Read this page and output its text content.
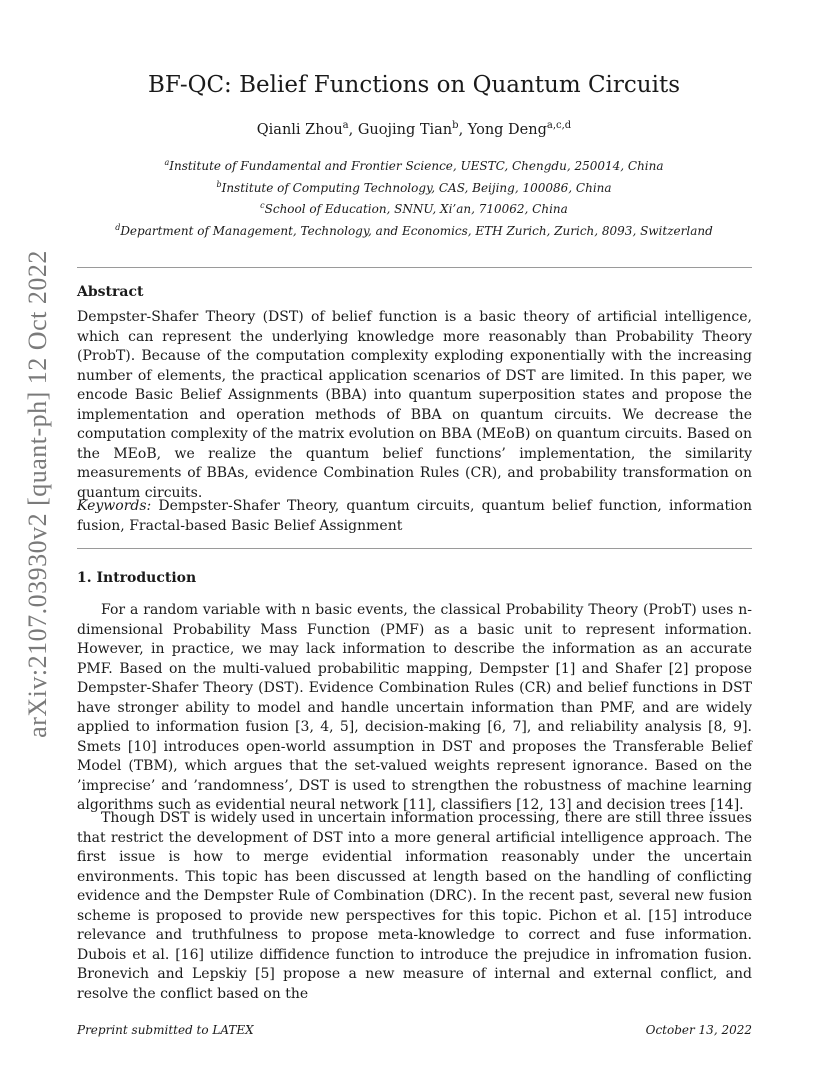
BF-QC: Belief Functions on Quantum Circuits
Qianli Zhou$^a$, Guojing Tian$^b$, Yong Deng$^{a,c,d}$
$^a$Institute of Fundamental and Frontier Science, UESTC, Chengdu, 250014, China
$^b$Institute of Computing Technology, CAS, Beijing, 100086, China
$^c$School of Education, SNNU, Xi’an, 710062, China
$^d$Department of Management, Technology, and Economics, ETH Zurich, Zurich, 8093, Switzerland
arXiv:2107.03930v2 [quant-ph] 12 Oct 2022 Abstract
Dempster-Shafer Theory (DST) of belief function is a basic theory of artificial intelligence, which can represent the underlying knowledge more reasonably than Probability Theory (ProbT). Because of the computation complexity exploding exponentially with the increasing number of elements, the practical application scenarios of DST are limited. In this paper, we encode Basic Belief Assignments (BBA) into quantum superposition states and propose the implementation and operation methods of BBA on quantum circuits. We decrease the computation complexity of the matrix evolution on BBA (MEoB) on quantum circuits. Based on the MEoB, we realize the quantum belief functions’ implementation, the similarity measurements of BBAs, evidence Combination Rules (CR), and probability transformation on quantum circuits.
Keywords: Dempster-Shafer Theory, quantum circuits, quantum belief function, information fusion, Fractal-based Basic Belief Assignment
1. Introduction
For a random variable with n basic events, the classical Probability Theory (ProbT) uses n-dimensional Probability Mass Function (PMF) as a basic unit to represent information. However, in practice, we may lack information to describe the information as an accurate PMF. Based on the multi-valued probabilitic mapping, Dempster [1] and Shafer [2] propose Dempster-Shafer Theory (DST). Evidence Combination Rules (CR) and belief functions in DST have stronger ability to model and handle uncertain information than PMF, and are widely applied to information fusion [3, 4, 5], decision-making [6, 7], and reliability analysis [8, 9]. Smets [10] introduces open-world assumption in DST and proposes the Transferable Belief Model (TBM), which argues that the set-valued weights represent ignorance. Based on the ’imprecise’ and ’randomness’, DST is used to strengthen the robustness of machine learning algorithms such as evidential neural network [11], classifiers [12, 13] and decision trees [14].
Though DST is widely used in uncertain information processing, there are still three issues that restrict the development of DST into a more general artificial intelligence approach. The first issue is how to merge evidential information reasonably under the uncertain environments. This topic has been discussed at length based on the handling of conflicting evidence and the Dempster Rule of Combination (DRC). In the recent past, several new fusion scheme is proposed to provide new perspectives for this topic. Pichon et al. [15] introduce relevance and truthfulness to propose meta-knowledge to correct and fuse information. Dubois et al. [16] utilize diffidence function to introduce the prejudice in infromation fusion. Bronevich and Lepskiy [5] propose a new measure of internal and external conflict, and resolve the conflict based on the
Preprint submitted to LATEX	October 13, 2022
